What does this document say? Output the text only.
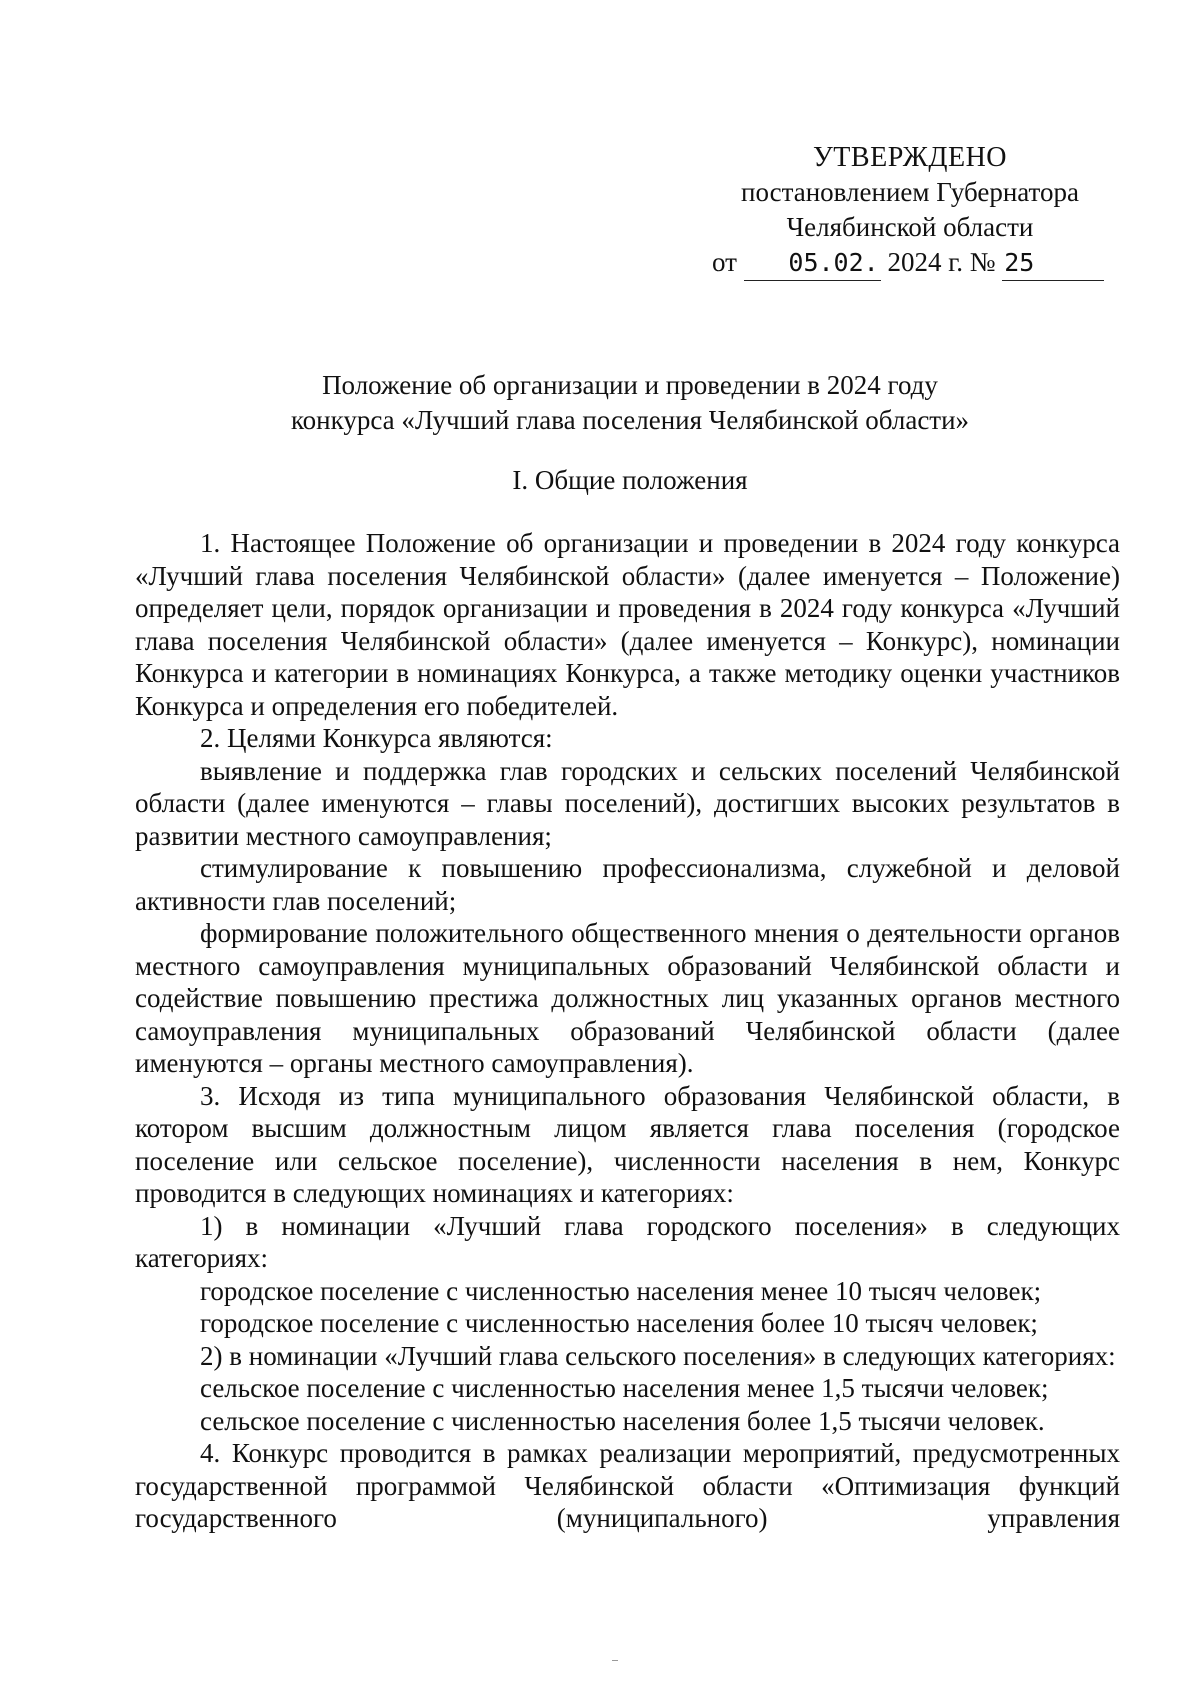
УТВЕРЖДЕНО
постановлением Губернатора
Челябинской области
от 05.02. 2024 г. № 25
Положение об организации и проведении в 2024 году
конкурса «Лучший глава поселения Челябинской области»
I. Общие положения

1. Настоящее Положение об организации и проведении в 2024 году конкурса «Лучший глава поселения Челябинской области» (далее именуется – Положение) определяет цели, порядок организации и проведения в 2024 году конкурса «Лучший глава поселения Челябинской области» (далее именуется – Конкурс), номинации Конкурса и категории в номинациях Конкурса, а также методику оценки участников Конкурса и определения его победителей.

2. Целями Конкурса являются:

выявление и поддержка глав городских и сельских поселений Челябинской области (далее именуются – главы поселений), достигших высоких результатов в развитии местного самоуправления;

стимулирование к повышению профессионализма, служебной и деловой активности глав поселений;

формирование положительного общественного мнения о деятельности органов местного самоуправления муниципальных образований Челябинской области и содействие повышению престижа должностных лиц указанных органов местного самоуправления муниципальных образований Челябинской области (далее именуются – органы местного самоуправления).

3. Исходя из типа муниципального образования Челябинской области, в котором высшим должностным лицом является глава поселения (городское поселение или сельское поселение), численности населения в нем, Конкурс проводится в следующих номинациях и категориях:

1) в номинации «Лучший глава городского поселения» в следующих категориях:

городское поселение с численностью населения менее 10 тысяч человек;

городское поселение с численностью населения более 10 тысяч человек;

2) в номинации «Лучший глава сельского поселения» в следующих категориях:

сельское поселение с численностью населения менее 1,5 тысячи человек;

сельское поселение с численностью населения более 1,5 тысячи человек.

4. Конкурс проводится в рамках реализации мероприятий, предусмотренных государственной программой Челябинской области «Оптимизация функций государственного (муниципального) управления
